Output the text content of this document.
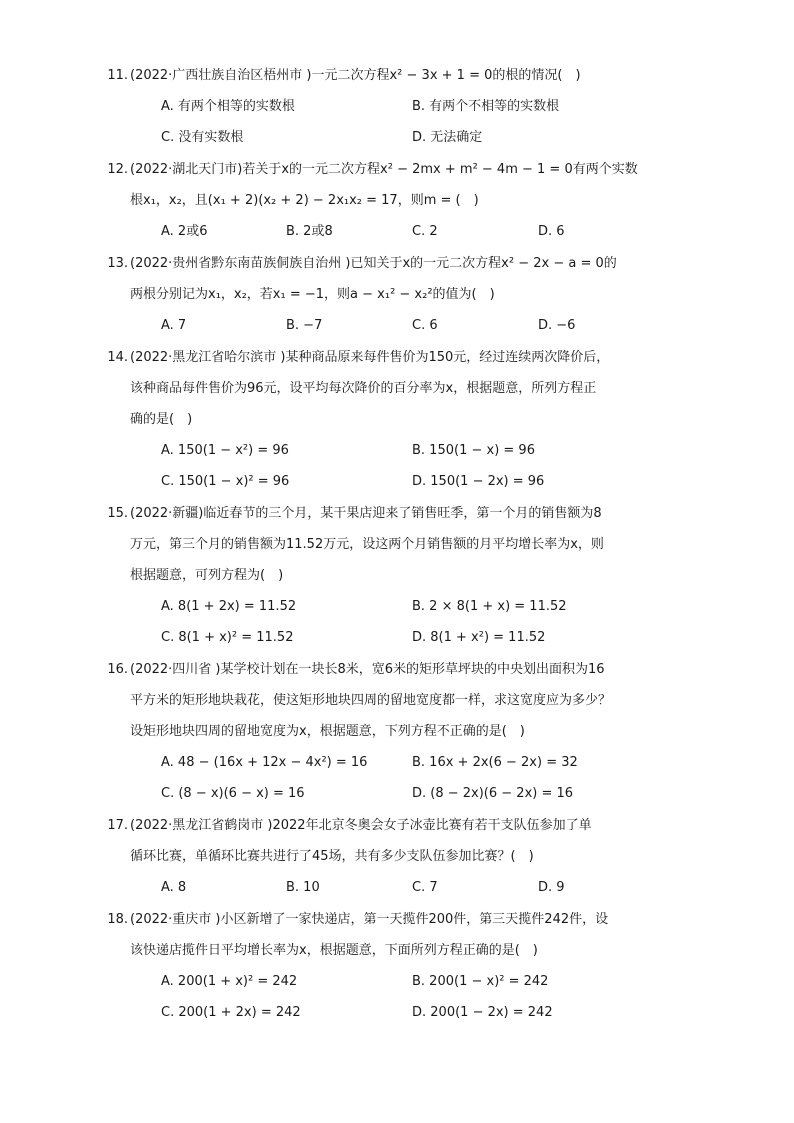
11. (2022·广西壮族自治区梧州市 )一元二次方程x² − 3x + 1 = 0的根的情况(　)
A. 有两个相等的实数根	B. 有两个不相等的实数根
C. 没有实数根	D. 无法确定
12. (2022·湖北天门市)若关于x的一元二次方程x² − 2mx + m² − 4m − 1 = 0有两个实数
根x₁，x₂，且(x₁ + 2)(x₂ + 2) − 2x₁x₂ = 17，则m = (　)
A. 2或6	B. 2或8	C. 2	D. 6
13. (2022·贵州省黔东南苗族侗族自治州 )已知关于x的一元二次方程x² − 2x − a = 0的
两根分别记为x₁，x₂，若x₁ = −1，则a − x₁² − x₂²的值为(　)
A. 7	B. −7	C. 6	D. −6
14. (2022·黑龙江省哈尔滨市 )某种商品原来每件售价为150元，经过连续两次降价后，
该种商品每件售价为96元，设平均每次降价的百分率为x，根据题意，所列方程正
确的是(　)
A. 150(1 − x²) = 96	B. 150(1 − x) = 96
C. 150(1 − x)² = 96	D. 150(1 − 2x) = 96
15. (2022·新疆)临近春节的三个月，某干果店迎来了销售旺季，第一个月的销售额为8
万元，第三个月的销售额为11.52万元，设这两个月销售额的月平均增长率为x，则
根据题意，可列方程为(　)
A. 8(1 + 2x) = 11.52	B. 2 × 8(1 + x) = 11.52
C. 8(1 + x)² = 11.52	D. 8(1 + x²) = 11.52
16. (2022·四川省 )某学校计划在一块长8米，宽6米的矩形草坪块的中央划出面积为16
平方米的矩形地块栽花，使这矩形地块四周的留地宽度都一样，求这宽度应为多少？
设矩形地块四周的留地宽度为x，根据题意，下列方程不正确的是(　)
A. 48 − (16x + 12x − 4x²) = 16	B. 16x + 2x(6 − 2x) = 32
C. (8 − x)(6 − x) = 16	D. (8 − 2x)(6 − 2x) = 16
17. (2022·黑龙江省鹤岗市 )2022年北京冬奥会女子冰壶比赛有若干支队伍参加了单
循环比赛，单循环比赛共进行了45场，共有多少支队伍参加比赛？(　)
A. 8	B. 10	C. 7	D. 9
18. (2022·重庆市 )小区新增了一家快递店，第一天揽件200件，第三天揽件242件，设
该快递店揽件日平均增长率为x，根据题意，下面所列方程正确的是(　)
A. 200(1 + x)² = 242	B. 200(1 − x)² = 242
C. 200(1 + 2x) = 242	D. 200(1 − 2x) = 242
